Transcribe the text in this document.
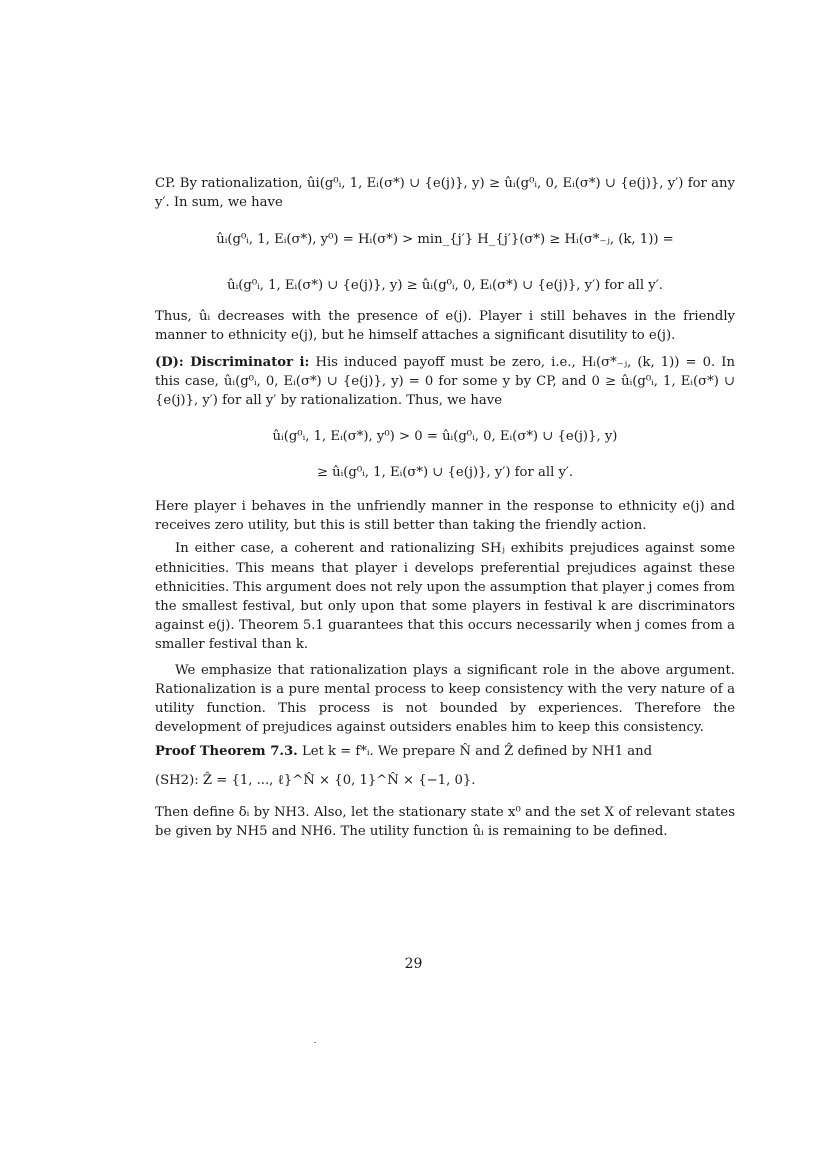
CP. By rationalization, ûi(g⁰ᵢ, 1, Eᵢ(σ*) ∪ {e(j)}, y) ≥ ûᵢ(g⁰ᵢ, 0, Eᵢ(σ*) ∪ {e(j)}, y′) for any y′. In sum, we have

ûᵢ(g⁰ᵢ, 1, Eᵢ(σ*), y⁰) = Hᵢ(σ*) > min_{j′} H_{j′}(σ*) ≥ Hᵢ(σ*₋ⱼ, (k, 1)) =
ûᵢ(g⁰ᵢ, 1, Eᵢ(σ*) ∪ {e(j)}, y) ≥ ûᵢ(g⁰ᵢ, 0, Eᵢ(σ*) ∪ {e(j)}, y′) for all y′.

Thus, ûᵢ decreases with the presence of e(j). Player i still behaves in the friendly manner to ethnicity e(j), but he himself attaches a significant disutility to e(j).

(D): Discriminator i: His induced payoff must be zero, i.e., Hᵢ(σ*₋ⱼ, (k, 1)) = 0. In this case, ûᵢ(g⁰ᵢ, 0, Eᵢ(σ*) ∪ {e(j)}, y) = 0 for some y by CP, and 0 ≥ ûᵢ(g⁰ᵢ, 1, Eᵢ(σ*) ∪ {e(j)}, y′) for all y′ by rationalization. Thus, we have

ûᵢ(g⁰ᵢ, 1, Eᵢ(σ*), y⁰) > 0 = ûᵢ(g⁰ᵢ, 0, Eᵢ(σ*) ∪ {e(j)}, y)
≥ ûᵢ(g⁰ᵢ, 1, Eᵢ(σ*) ∪ {e(j)}, y′) for all y′.

Here player i behaves in the unfriendly manner in the response to ethnicity e(j) and receives zero utility, but this is still better than taking the friendly action.

In either case, a coherent and rationalizing SHⱼ exhibits prejudices against some ethnicities. This means that player i develops preferential prejudices against these ethnicities. This argument does not rely upon the assumption that player j comes from the smallest festival, but only upon that some players in festival k are discriminators against e(j). Theorem 5.1 guarantees that this occurs necessarily when j comes from a smaller festival than k.

We emphasize that rationalization plays a significant role in the above argument. Rationalization is a pure mental process to keep consistency with the very nature of a utility function. This process is not bounded by experiences. Therefore the development of prejudices against outsiders enables him to keep this consistency.

Proof Theorem 7.3. Let k = f*ᵢ. We prepare N̂ and Ẑ defined by NH1 and

(SH2): Ẑ = {1, ..., ℓ}^N̂ × {0, 1}^N̂ × {−1, 0}.

Then define δᵢ by NH3. Also, let the stationary state x⁰ and the set X of relevant states be given by NH5 and NH6. The utility function ûᵢ is remaining to be defined.

29
